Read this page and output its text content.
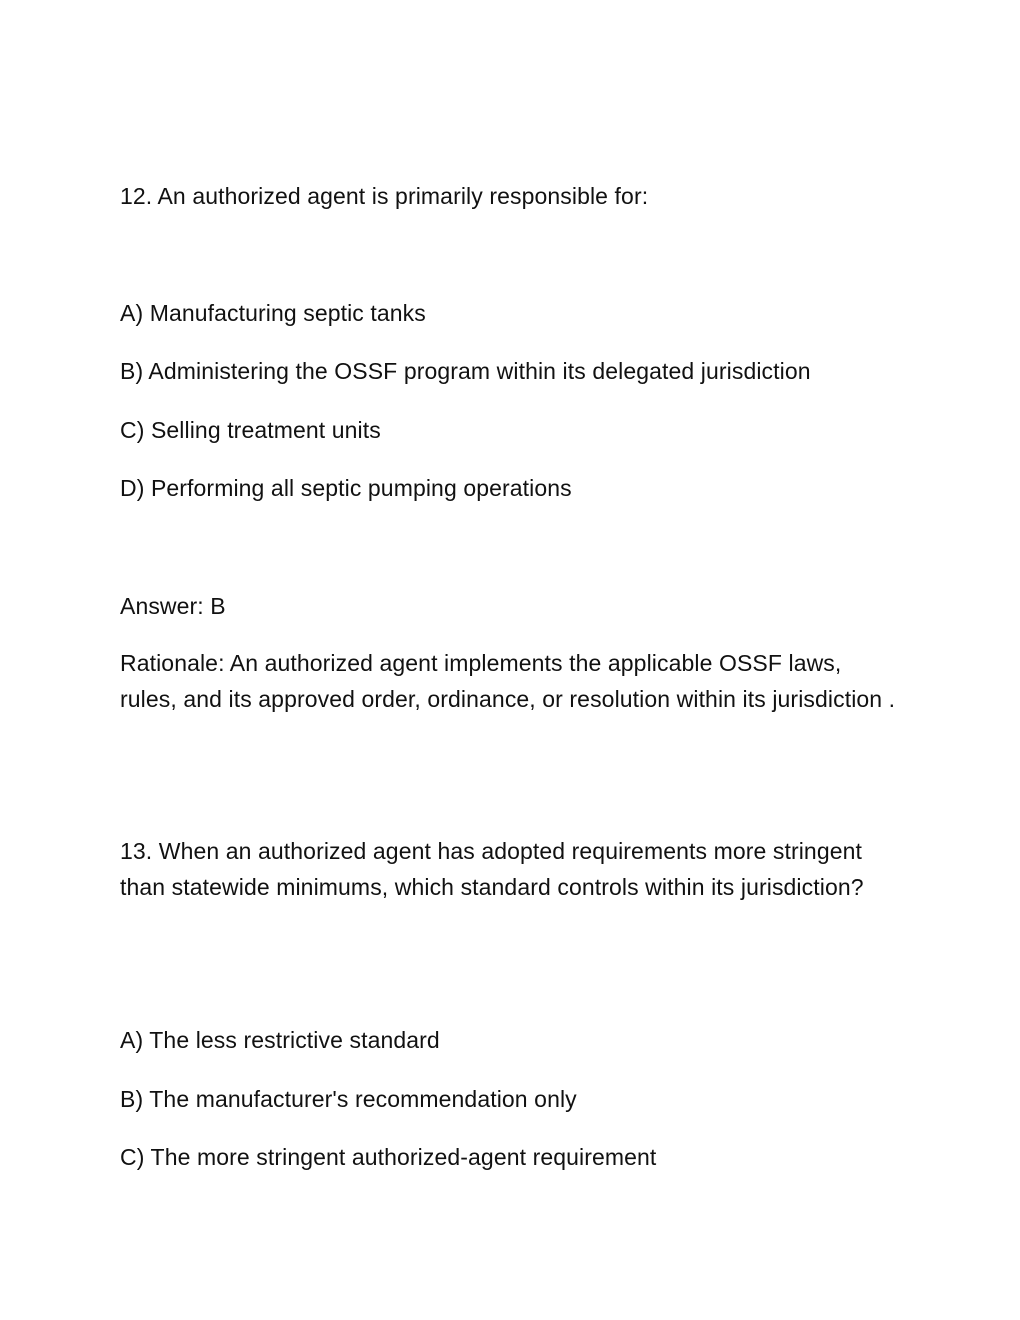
12. An authorized agent is primarily responsible for:
A) Manufacturing septic tanks
B) Administering the OSSF program within its delegated jurisdiction
C) Selling treatment units
D) Performing all septic pumping operations
Answer: B
Rationale: An authorized agent implements the applicable OSSF laws, rules, and its approved order, ordinance, or resolution within its jurisdiction .
13. When an authorized agent has adopted requirements more stringent than statewide minimums, which standard controls within its jurisdiction?
A) The less restrictive standard
B) The manufacturer's recommendation only
C) The more stringent authorized-agent requirement
